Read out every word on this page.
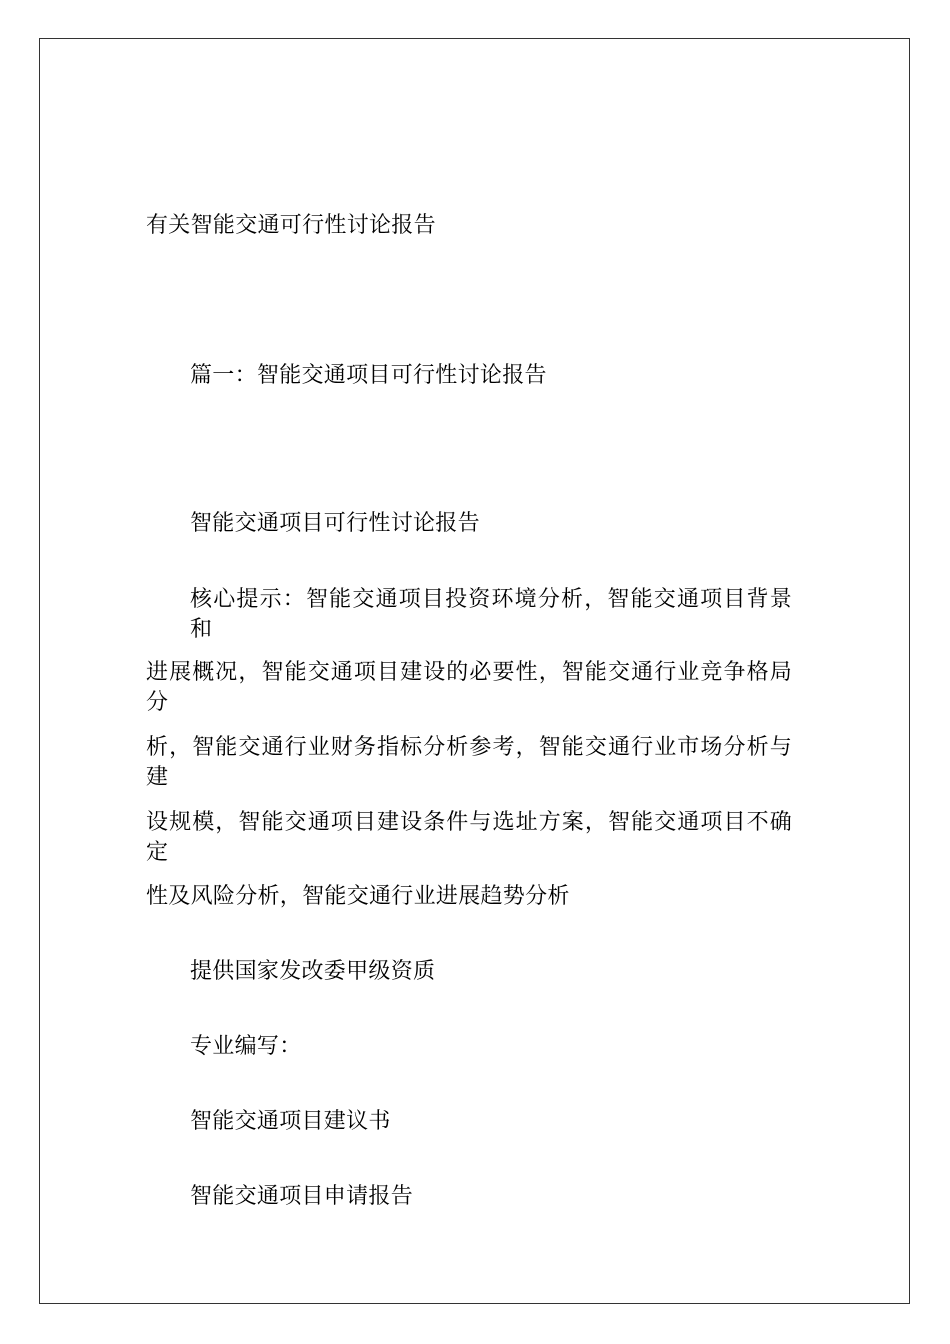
有关智能交通可行性讨论报告
篇一：智能交通项目可行性讨论报告
智能交通项目可行性讨论报告
核心提示：智能交通项目投资环境分析，智能交通项目背景和
进展概况，智能交通项目建设的必要性，智能交通行业竞争格局分
析，智能交通行业财务指标分析参考，智能交通行业市场分析与建
设规模，智能交通项目建设条件与选址方案，智能交通项目不确定
性及风险分析，智能交通行业进展趋势分析
提供国家发改委甲级资质
专业编写：
智能交通项目建议书
智能交通项目申请报告
